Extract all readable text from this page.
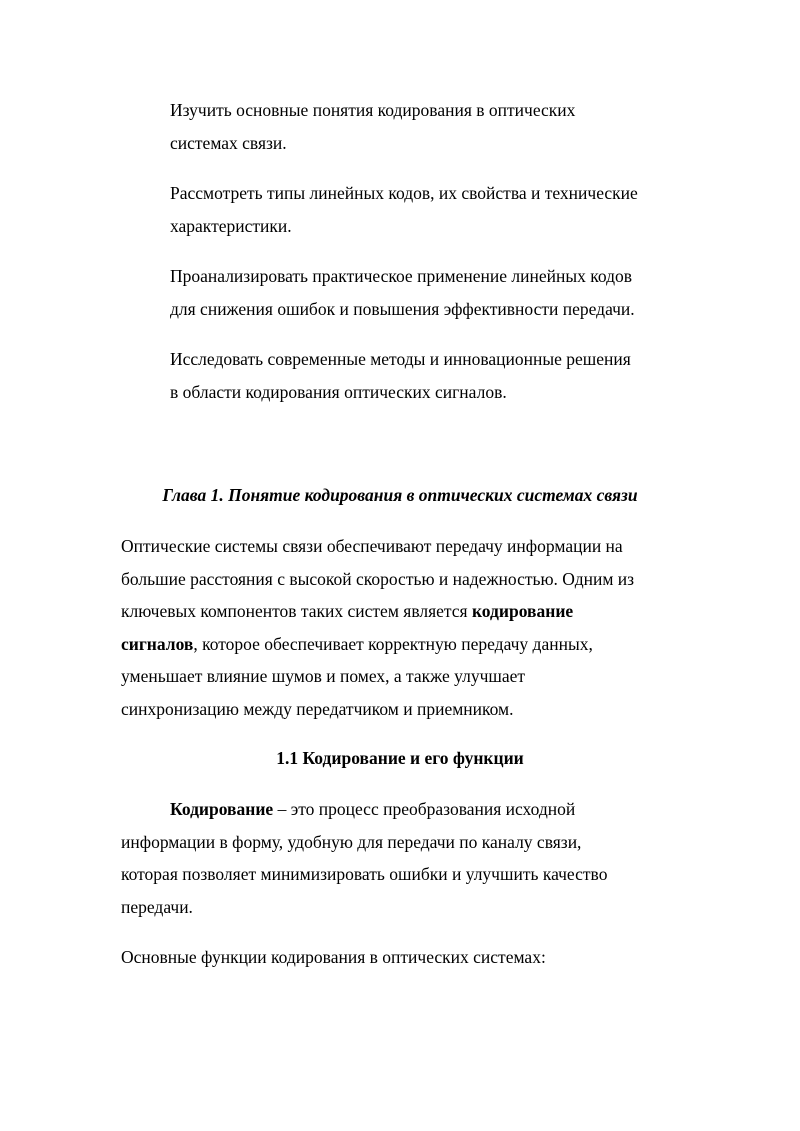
Изучить основные понятия кодирования в оптических
системах связи.

Рассмотреть типы линейных кодов, их свойства и технические
характеристики.

Проанализировать практическое применение линейных кодов
для снижения ошибок и повышения эффективности передачи.

Исследовать современные методы и инновационные решения
в области кодирования оптических сигналов.

Глава 1. Понятие кодирования в оптических системах связи

Оптические системы связи обеспечивают передачу информации на
большие расстояния с высокой скоростью и надежностью. Одним из
ключевых компонентов таких систем является кодирование
сигналов, которое обеспечивает корректную передачу данных,
уменьшает влияние шумов и помех, а также улучшает
синхронизацию между передатчиком и приемником.

1.1 Кодирование и его функции

Кодирование – это процесс преобразования исходной
информации в форму, удобную для передачи по каналу связи,
которая позволяет минимизировать ошибки и улучшить качество
передачи.

Основные функции кодирования в оптических системах:
